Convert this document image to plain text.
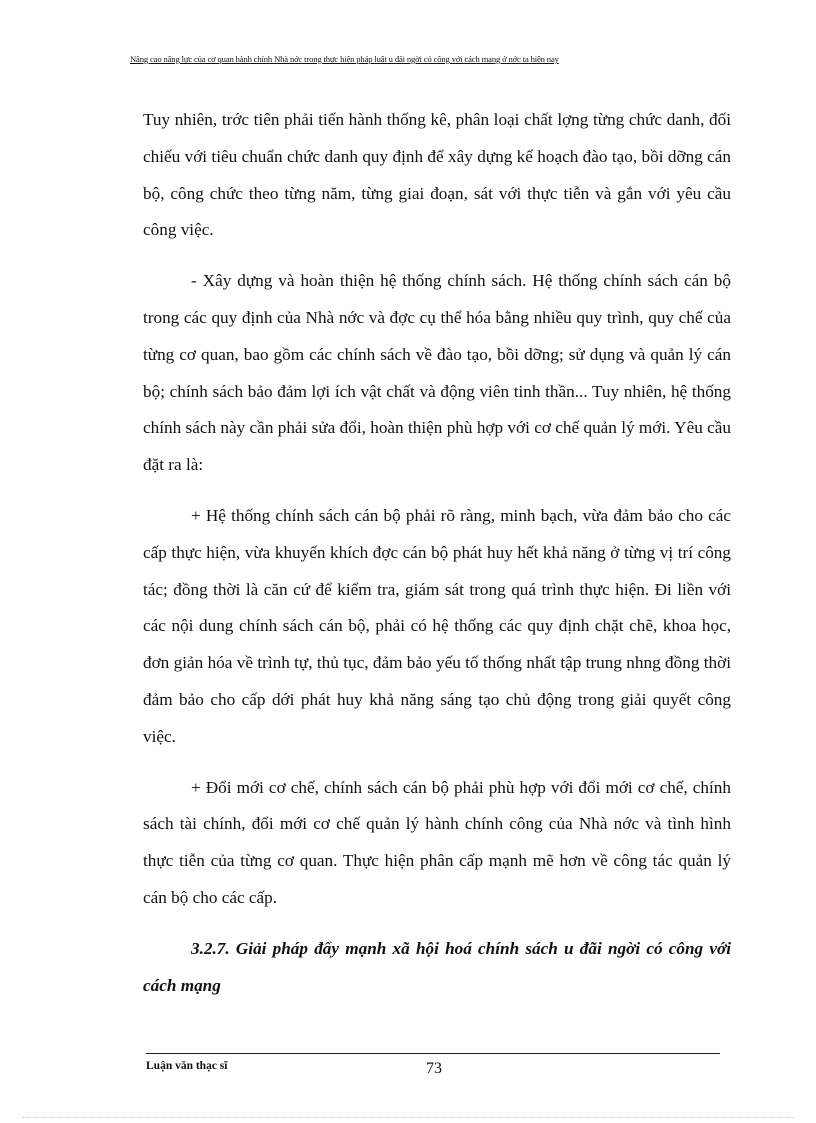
Nâng cao năng lực của cơ quan hành chính Nhà nớc trong thực hiện pháp luật u đãi ngời có công với cách mạng ở nớc ta hiện nay

Tuy nhiên, trớc tiên phải tiến hành thống kê, phân loại chất lợng từng chức danh, đối chiếu với tiêu chuẩn chức danh quy định để xây dựng kế hoạch đào tạo, bồi dỡng cán bộ, công chức theo từng năm, từng giai đoạn, sát với thực tiễn và gắn với yêu cầu công việc.

- Xây dựng và hoàn thiện hệ thống chính sách. Hệ thống chính sách cán bộ trong các quy định của Nhà nớc và đợc cụ thể hóa bằng nhiều quy trình, quy chế của từng cơ quan, bao gồm các chính sách về đào tạo, bồi dỡng; sử dụng và quản lý cán bộ; chính sách bảo đảm lợi ích vật chất và động viên tinh thần... Tuy nhiên, hệ thống chính sách này cần phải sửa đổi, hoàn thiện phù hợp với cơ chế quản lý mới. Yêu cầu đặt ra là:

+ Hệ thống chính sách cán bộ phải rõ ràng, minh bạch, vừa đảm bảo cho các cấp thực hiện, vừa khuyến khích đợc cán bộ phát huy hết khả năng ở từng vị trí công tác; đồng thời là căn cứ để kiểm tra, giám sát trong quá trình thực hiện. Đi liền với các nội dung chính sách cán bộ, phải có hệ thống các quy định chặt chẽ, khoa học, đơn giản hóa về trình tự, thủ tục, đảm bảo yếu tố thống nhất tập trung nhng đồng thời đảm bảo cho cấp dới phát huy khả năng sáng tạo chủ động trong giải quyết công việc.

+ Đổi mới cơ chế, chính sách cán bộ phải phù hợp với đổi mới cơ chế, chính sách tài chính, đổi mới cơ chế quản lý hành chính công của Nhà nớc và tình hình thực tiễn của từng cơ quan. Thực hiện phân cấp mạnh mẽ hơn về công tác quản lý cán bộ cho các cấp.

3.2.7. Giải pháp đẩy mạnh xã hội hoá chính sách u đãi ngời có công với cách mạng

Luận văn thạc sĩ	73
